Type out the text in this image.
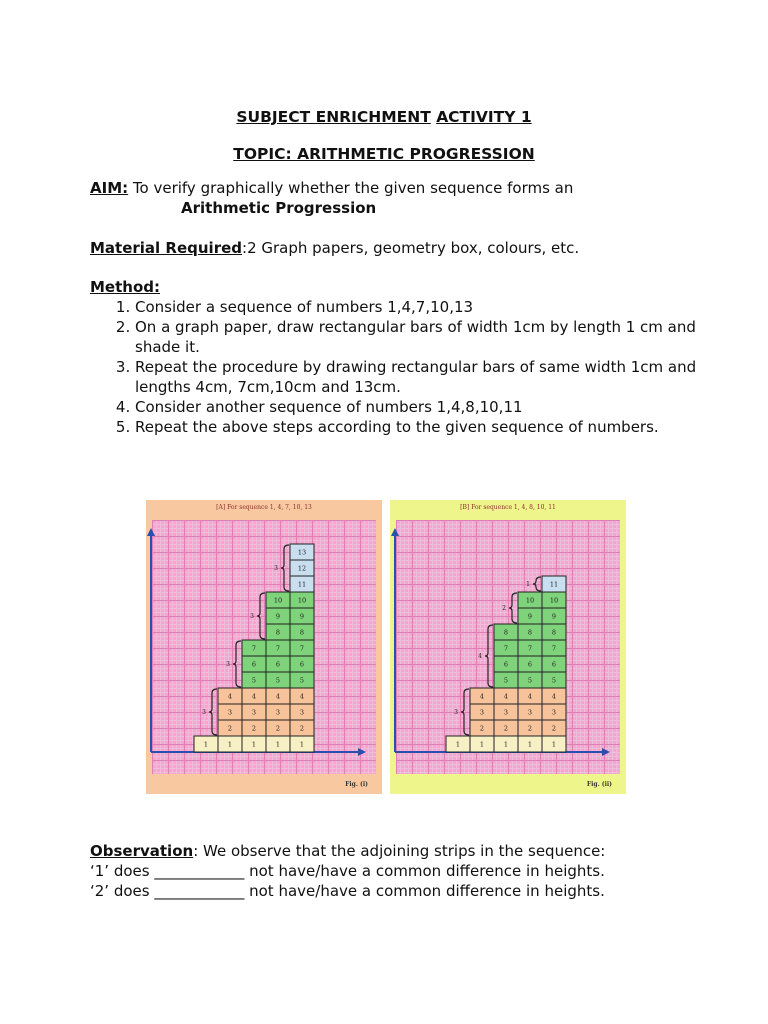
SUBJECT ENRICHMENT ACTIVITY 1
TOPIC: ARITHMETIC PROGRESSION
AIM: To verify graphically whether the given sequence forms an
Arithmetic Progression
Material Required:2 Graph papers, geometry box, colours, etc.
Method:
1. Consider a sequence of numbers 1,4,7,10,13
2. On a graph paper, draw rectangular bars of width 1cm by length 1 cm and shade it.
3. Repeat the procedure by drawing rectangular bars of same width 1cm and lengths 4cm, 7cm,10cm and 13cm.
4. Consider another sequence of numbers 1,4,8,10,11
5. Repeat the above steps according to the given sequence of numbers.
[A] For sequence 1, 4, 7, 10, 13
1	1
2
3
4
1
2
3
4
5
6
7
1
2
3
4
5
6
7
8
9
10
1
2
3
4
5
6
7
8
9
10
11
12
13
3
3
3
3
Fig. (i)
[B] For sequence 1, 4, 8, 10, 11
1	1
2
3
4
1
2
3
4
5
6
7
8
1
2
3
4
5
6
7
8
9
10
1
2
3
4
5
6
7
8
9
10
11
3
4
2
1
Fig. (ii)
Observation: We observe that the adjoining strips in the sequence:
‘1’ does ____________ not have/have a common difference in heights.
‘2’ does ____________ not have/have a common difference in heights.
